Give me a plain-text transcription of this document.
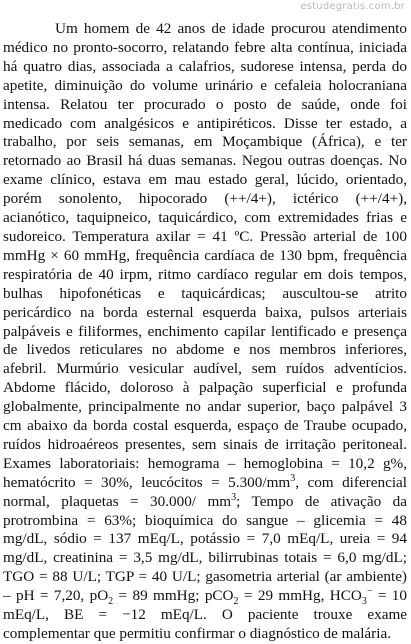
estudegratis.com.br

Um homem de 42 anos de idade procurou atendimento médico no pronto-socorro, relatando febre alta contínua, iniciada há quatro dias, associada a calafrios, sudorese intensa, perda do apetite, diminuição do volume urinário e cefaleia holocraniana intensa. Relatou ter procurado o posto de saúde, onde foi medicado com analgésicos e antipiréticos. Disse ter estado, a trabalho, por seis semanas, em Moçambique (África), e ter retornado ao Brasil há duas semanas. Negou outras doenças. No exame clínico, estava em mau estado geral, lúcido, orientado, porém sonolento, hipocorado (++/4+), ictérico (++/4+), acianótico, taquipneico, taquicárdico, com extremidades frias e sudoreico. Temperatura axilar = 41 ºC. Pressão arterial de 100 mmHg × 60 mmHg, frequência cardíaca de 130 bpm, frequência respiratória de 40 irpm, ritmo cardíaco regular em dois tempos, bulhas hipofonéticas e taquicárdicas; auscultou-se atrito pericárdico na borda esternal esquerda baixa, pulsos arteriais palpáveis e filiformes, enchimento capilar lentificado e presença de livedos reticulares no abdome e nos membros inferiores, afebril. Murmúrio vesicular audível, sem ruídos adventícios. Abdome flácido, doloroso à palpação superficial e profunda globalmente, principalmente no andar superior, baço palpável 3 cm abaixo da borda costal esquerda, espaço de Traube ocupado, ruídos hidroaéreos presentes, sem sinais de irritação peritoneal. Exames laboratoriais: hemograma – hemoglobina = 10,2 g%, hematócrito = 30%, leucócitos = $5.300/mm^3$, com diferencial normal, plaquetas = 30.000/ $mm^3$; Tempo de ativação da protrombina = 63%; bioquímica do sangue – glicemia = 48 mg/dL, sódio = 137 mEq/L, potássio = 7,0 mEq/L, ureia = 94 mg/dL, creatinina = 3,5 mg/dL, bilirrubinas totais = 6,0 mg/dL; TGO = 88 U/L; TGP = 40 U/L; gasometria arterial (ar ambiente) – pH = 7,20, $pO_2 = 89$ mmHg; pCO$_2$ = 29 mmHg, $HCO_3^- = 10$ mEq/L, BE = −12 mEq/L. O paciente trouxe exame complementar que permitiu confirmar o diagnóstico de malária.
